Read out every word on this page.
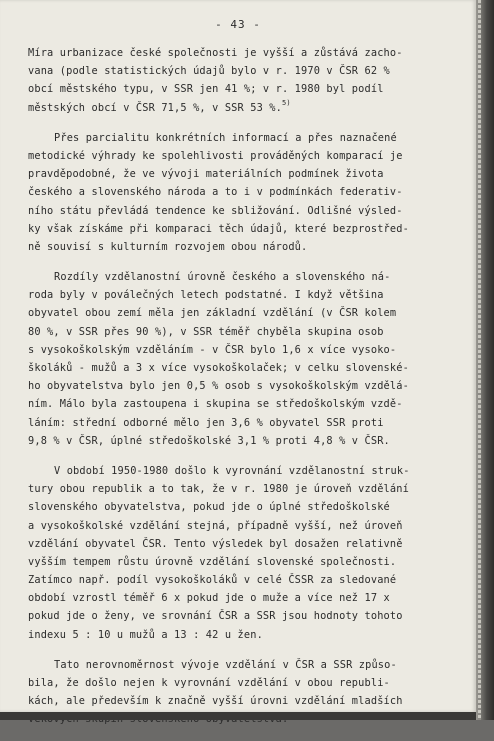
- 43 -
Míra urbanizace české společnosti je vyšší a zůstává zacho-
vana (podle statistických údajů bylo v r. 1970 v ČSR 62 %
obcí městského typu, v SSR jen 41 %; v r. 1980 byl podíl
městských obcí v ČSR 71,5 %, v SSR 53 %.$^{5)}$
Přes parcialitu konkrétních informací a přes naznačené
metodické výhrady ke spolehlivosti prováděných komparací je
pravděpodobné, že ve vývoji materiálních podmínek života
českého a slovenského národa a to i v podmínkách federativ-
ního státu převládá tendence ke sbližování. Odlišné výsled-
ky však získáme při komparaci těch údajů, které bezprostřed-
ně souvisí s kulturním rozvojem obou národů.
Rozdíly vzdělanostní úrovně českého a slovenského ná-
roda byly v poválečných letech podstatné. I když většina
obyvatel obou zemí měla jen základní vzdělání (v ČSR kolem
80 %, v SSR přes 90 %), v SSR téměř chyběla skupina osob
s vysokoškolským vzděláním - v ČSR bylo 1,6 x více vysoko-
školáků - mužů a 3 x více vysokoškolaček; v celku slovenské-
ho obyvatelstva bylo jen 0,5 % osob s vysokoškolským vzdělá-
ním. Málo byla zastoupena i skupina se středoškolským vzdě-
láním: střední odborné mělo jen 3,6 % obyvatel SSR proti
9,8 % v ČSR, úplné středoškolské 3,1 % proti 4,8 % v ČSR.
V období 1950-1980 došlo k vyrovnání vzdělanostní struk-
tury obou republik a to tak, že v r. 1980 je úroveň vzdělání
slovenského obyvatelstva, pokud jde o úplné středoškolské
a vysokoškolské vzdělání stejná, případně vyšší, než úroveň
vzdělání obyvatel ČSR. Tento výsledek byl dosažen relativně
vyšším tempem růstu úrovně vzdělání slovenské společnosti.
Zatímco např. podíl vysokoškoláků v celé ČSSR za sledované
období vzrostl téměř 6 x pokud jde o muže a více než 17 x
pokud jde o ženy, ve srovnání ČSR a SSR jsou hodnoty tohoto
indexu 5 : 10 u mužů a 13 : 42 u žen.
Tato nerovnoměrnost vývoje vzdělání v ČSR a SSR způso-
bila, že došlo nejen k vyrovnání vzdělání v obou republi-
kách, ale především k značně vyšší úrovni vzdělání mladších
